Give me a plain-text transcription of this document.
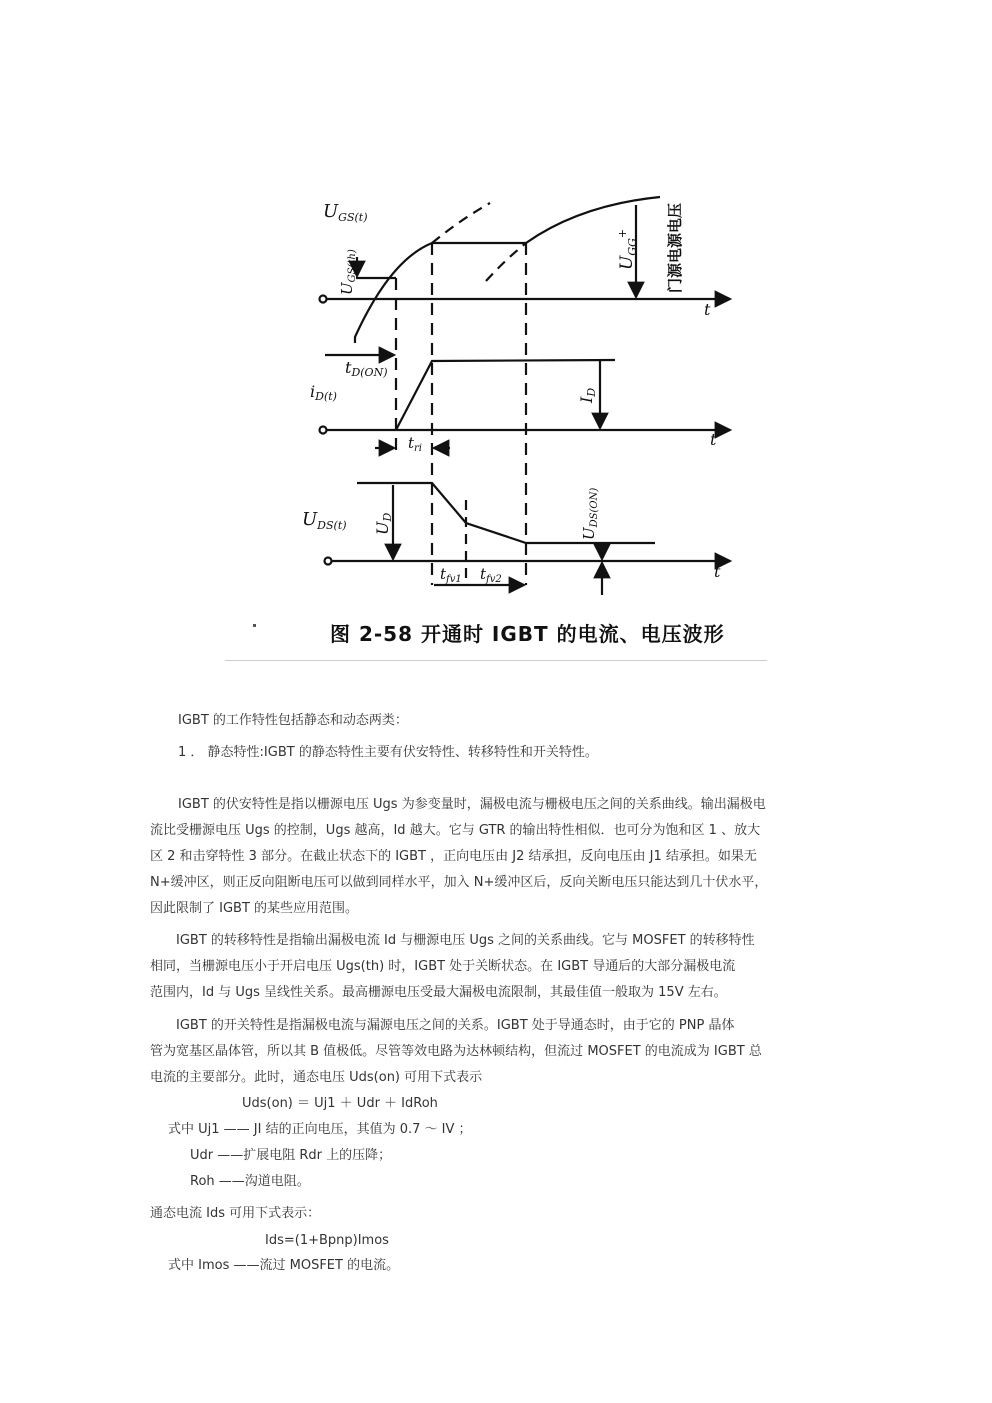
$U_{GS(t)}$
$U_{GS(th)}$	$U_{GG}^+$	门源电源电压
tD(ON)
iD(t)	ID
$t_{ri}$
$U_{DS(t)}$ UD
$U_{DS(ON)}$
$t_{fv1}$ $t_{fv2}$
t
t
t
图 2-58 开通时 IGBT 的电流、电压波形
IGBT 的工作特性包括静态和动态两类：
1 ． 静态特性:IGBT 的静态特性主要有伏安特性、转移特性和开关特性。
IGBT 的伏安特性是指以栅源电压 Ugs 为参变量时，漏极电流与栅极电压之间的关系曲线。输出漏极电
流比受栅源电压 Ugs 的控制，Ugs 越高，Id 越大。它与 GTR 的输出特性相似．也可分为饱和区 1 、放大
区 2 和击穿特性 3 部分。在截止状态下的 IGBT ，正向电压由 J2 结承担，反向电压由 J1 结承担。如果无
N+缓冲区，则正反向阻断电压可以做到同样水平，加入 N+缓冲区后，反向关断电压只能达到几十伏水平，
因此限制了 IGBT 的某些应用范围。
IGBT 的转移特性是指输出漏极电流 Id 与栅源电压 Ugs 之间的关系曲线。它与 MOSFET 的转移特性
相同，当栅源电压小于开启电压 Ugs(th) 时，IGBT 处于关断状态。在 IGBT 导通后的大部分漏极电流
范围内，Id 与 Ugs 呈线性关系。最高栅源电压受最大漏极电流限制，其最佳值一般取为 15V 左右。
IGBT 的开关特性是指漏极电流与漏源电压之间的关系。IGBT 处于导通态时，由于它的 PNP 晶体
管为宽基区晶体管，所以其 B 值极低。尽管等效电路为达林顿结构，但流过 MOSFET 的电流成为 IGBT 总
电流的主要部分。此时，通态电压 Uds(on) 可用下式表示
Uds(on) ＝ Uj1 ＋ Udr ＋ IdRoh
式中 Uj1 —— JI 结的正向电压，其值为 0.7 ～ IV ；
Udr ——扩展电阻 Rdr 上的压降；
Roh ——沟道电阻。
通态电流 Ids 可用下式表示：
Ids=(1+Bpnp)Imos
式中 Imos ——流过 MOSFET 的电流。
